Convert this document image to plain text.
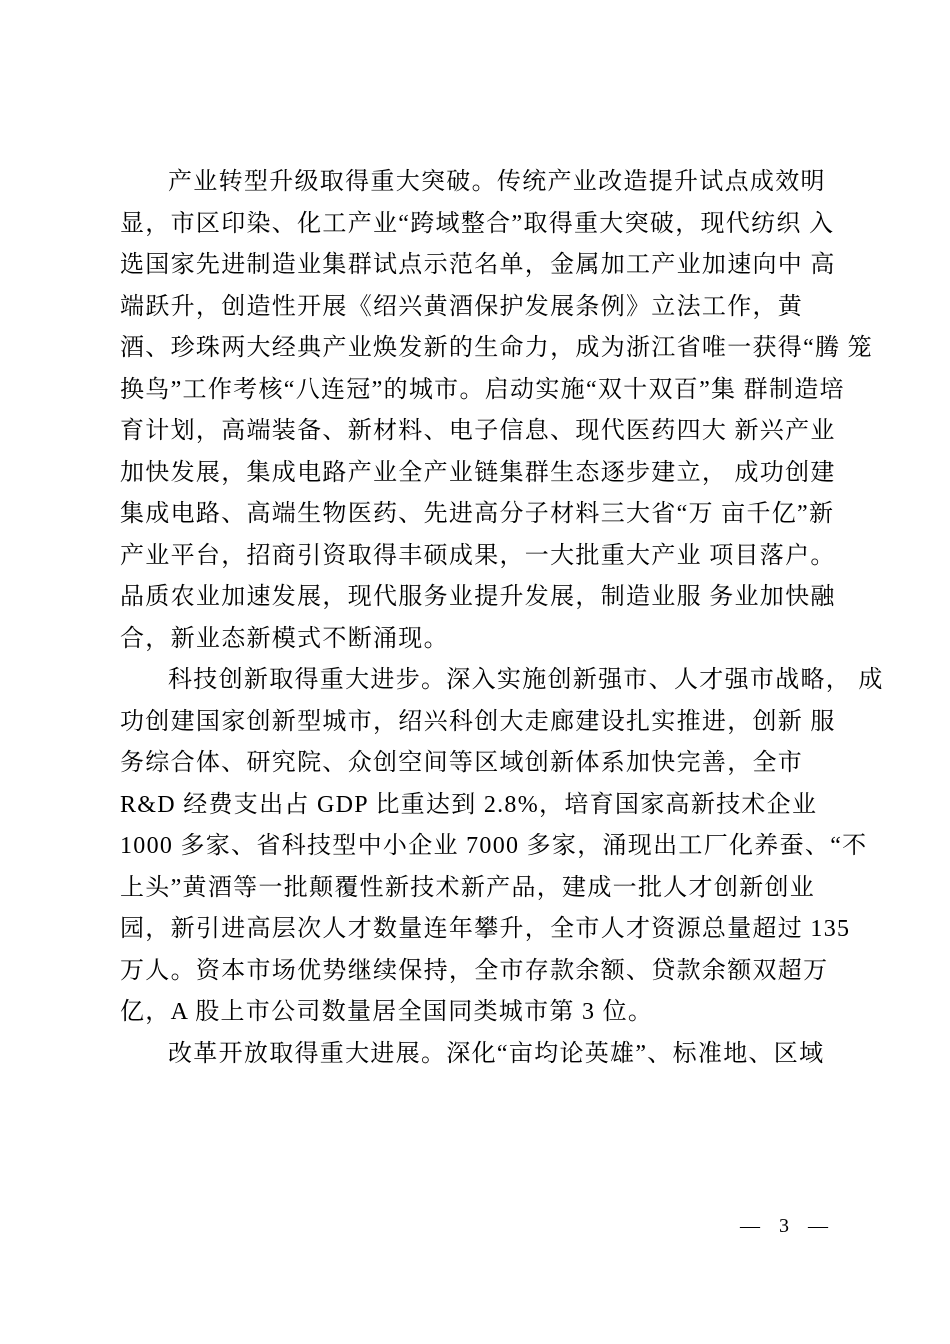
产业转型升级取得重大突破。传统产业改造提升试点成效明
显，市区印染、化工产业“跨域整合”取得重大突破，现代纺织 入
选国家先进制造业集群试点示范名单，金属加工产业加速向中 高
端跃升，创造性开展《绍兴黄酒保护发展条例》立法工作，黄
酒、珍珠两大经典产业焕发新的生命力，成为浙江省唯一获得“腾 笼
换鸟”工作考核“八连冠”的城市。启动实施“双十双百”集 群制造培
育计划，高端装备、新材料、电子信息、现代医药四大 新兴产业
加快发展，集成电路产业全产业链集群生态逐步建立， 成功创建
集成电路、高端生物医药、先进高分子材料三大省“万 亩千亿”新
产业平台，招商引资取得丰硕成果，一大批重大产业 项目落户。
品质农业加速发展，现代服务业提升发展，制造业服 务业加快融
合，新业态新模式不断涌现。
科技创新取得重大进步。深入实施创新强市、人才强市战略， 成
功创建国家创新型城市，绍兴科创大走廊建设扎实推进，创新 服
务综合体、研究院、众创空间等区域创新体系加快完善，全市
R&D 经费支出占 GDP 比重达到 2.8%，培育国家高新技术企业
1000 多家、省科技型中小企业 7000 多家，涌现出工厂化养蚕、“不
上头”黄酒等一批颠覆性新技术新产品，建成一批人才创新创业
园，新引进高层次人才数量连年攀升，全市人才资源总量超过 135
万人。资本市场优势继续保持，全市存款余额、贷款余额双超万
亿，A 股上市公司数量居全国同类城市第 3 位。
改革开放取得重大进展。深化“亩均论英雄”、标准地、区域
— 3 —
